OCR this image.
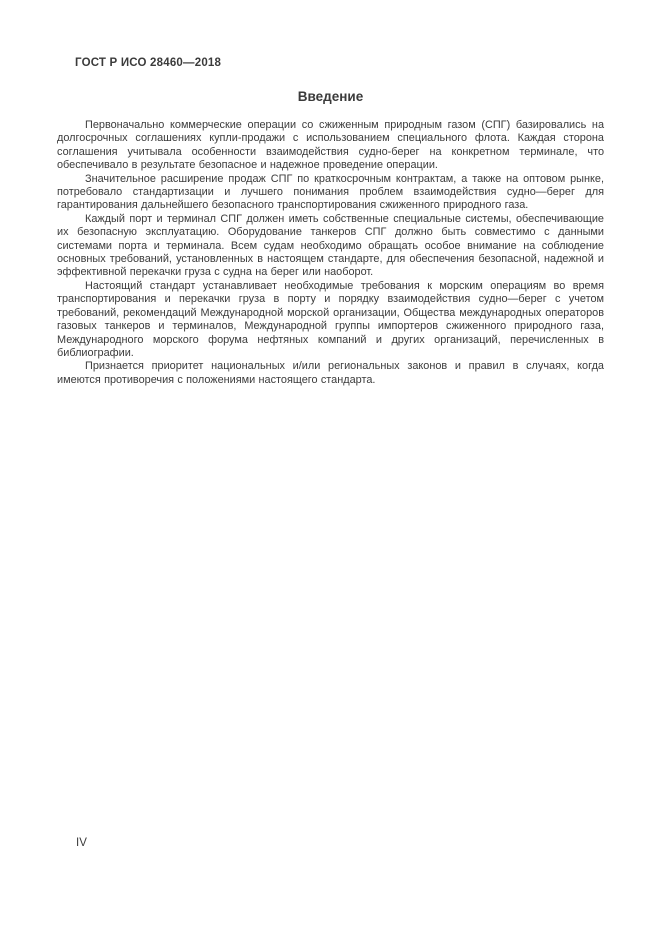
ГОСТ Р ИСО 28460—2018
Введение

Первоначально коммерческие операции со сжиженным природным газом (СПГ) базировались на долгосрочных соглашениях купли-продажи с использованием специального флота. Каждая сторона соглашения учитывала особенности взаимодействия судно-берег на конкретном терминале, что обеспечивало в результате безопасное и надежное проведение операции.

Значительное расширение продаж СПГ по краткосрочным контрактам, а также на оптовом рынке, потребовало стандартизации и лучшего понимания проблем взаимодействия судно—берег для гарантирования дальнейшего безопасного транспортирования сжиженного природного газа.

Каждый порт и терминал СПГ должен иметь собственные специальные системы, обеспечивающие их безопасную эксплуатацию. Оборудование танкеров СПГ должно быть совместимо с данными системами порта и терминала. Всем судам необходимо обращать особое внимание на соблюдение основных требований, установленных в настоящем стандарте, для обеспечения безопасной, надежной и эффективной перекачки груза с судна на берег или наоборот.

Настоящий стандарт устанавливает необходимые требования к морским операциям во время транспортирования и перекачки груза в порту и порядку взаимодействия судно—берег с учетом требований, рекомендаций Международной морской организации, Общества международных операторов газовых танкеров и терминалов, Международной группы импортеров сжиженного природного газа, Международного морского форума нефтяных компаний и других организаций, перечисленных в библиографии.

Признается приоритет национальных и/или региональных законов и правил в случаях, когда имеются противоречия с положениями настоящего стандарта.

IV
